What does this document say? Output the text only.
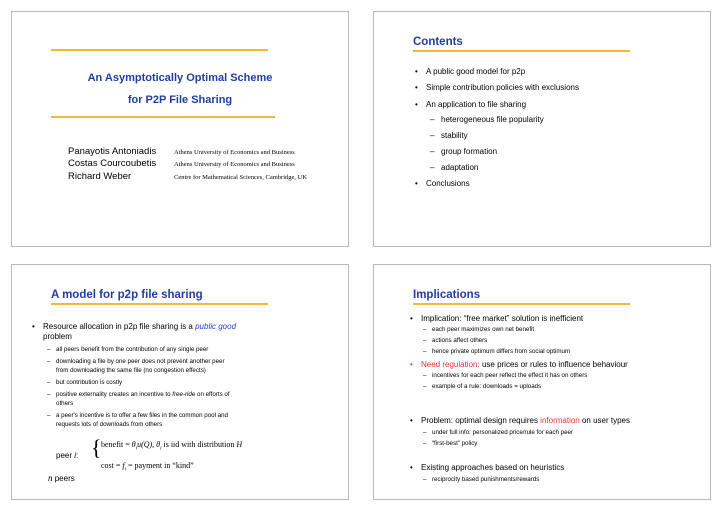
An Asymptotically Optimal Scheme
for P2P File Sharing
Panayotis Antoniadis	Athens University of Economics and Business
Costas Courcoubetis	Athens University of Economics and Business
Richard Weber	Centre for Mathematical Sciences, Cambridge, UK
Contents
• A public good model for p2p
• Simple contribution policies with exclusions
• An application to file sharing
– heterogeneous file popularity
– stability
– group formation
– adaptation
• Conclusions
A model for p2p file sharing
• Resource allocation in p2p file sharing is a public good
problem
– all peers benefit from the contribution of any single peer
– downloading a file by one peer does not prevent another peer
from downloading the same file (no congestion effects)
– but contribution is costly
– positive externality creates an incentive to free-ride on efforts of
others
– a peer's incentive is to offer a few files in the common pool and
requests lots of downloads from others
peer i: { benefit = $\theta_iu(Q)$, $\theta_i$ is iid with distribution H
$\cos t = f_i$ = payment in “kind”
n peers
Implications
• Implication: “free market” solution is inefficient
– each peer maximizes own net benefit
– actions affect others
– hence private optimum differs from social optimum
• Need regulation: use prices or rules to influence behaviour
– incentives for each peer reflect the effect it has on others
– example of a rule: downloads = uploads
• Problem: optimal design requires information on user types
– under full info: personalized price/rule for each peer
– “first-best” policy
• Existing approaches based on heuristics
– reciprocity based punishments/rewards
